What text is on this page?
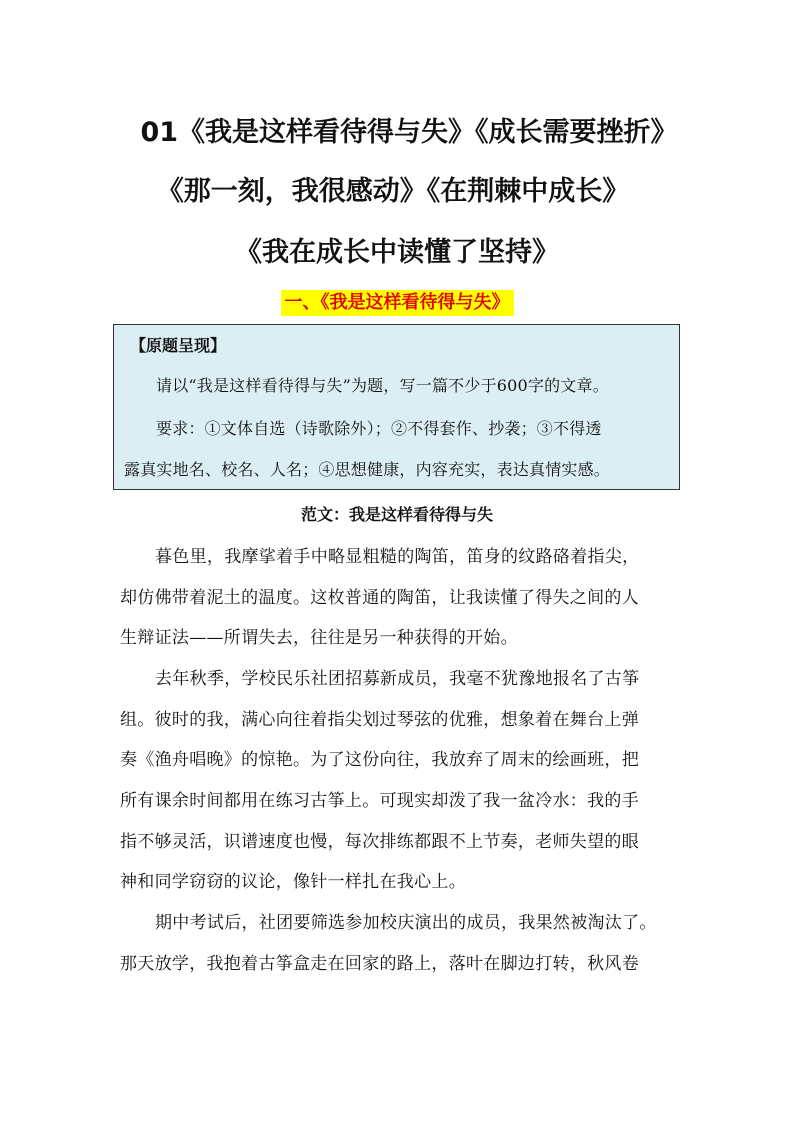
01《我是这样看待得与失》《成长需要挫折》
《那一刻，我很感动》《在荆棘中成长》
《我在成长中读懂了坚持》
一、《我是这样看待得与失》
【原题呈现】
请以“我是这样看待得与失”为题，写一篇不少于600字的文章。
要求：①文体自选（诗歌除外）；②不得套作、抄袭；③不得透
露真实地名、校名、人名；④思想健康，内容充实，表达真情实感。
范文：我是这样看待得与失
暮色里，我摩挲着手中略显粗糙的陶笛，笛身的纹路硌着指尖，
却仿佛带着泥土的温度。这枚普通的陶笛，让我读懂了得失之间的人
生辩证法——所谓失去，往往是另一种获得的开始。
去年秋季，学校民乐社团招募新成员，我毫不犹豫地报名了古筝
组。彼时的我，满心向往着指尖划过琴弦的优雅，想象着在舞台上弹
奏《渔舟唱晚》的惊艳。为了这份向往，我放弃了周末的绘画班，把
所有课余时间都用在练习古筝上。可现实却泼了我一盆冷水：我的手
指不够灵活，识谱速度也慢，每次排练都跟不上节奏，老师失望的眼
神和同学窃窃的议论，像针一样扎在我心上。
期中考试后，社团要筛选参加校庆演出的成员，我果然被淘汰了。
那天放学，我抱着古筝盒走在回家的路上，落叶在脚边打转，秋风卷
